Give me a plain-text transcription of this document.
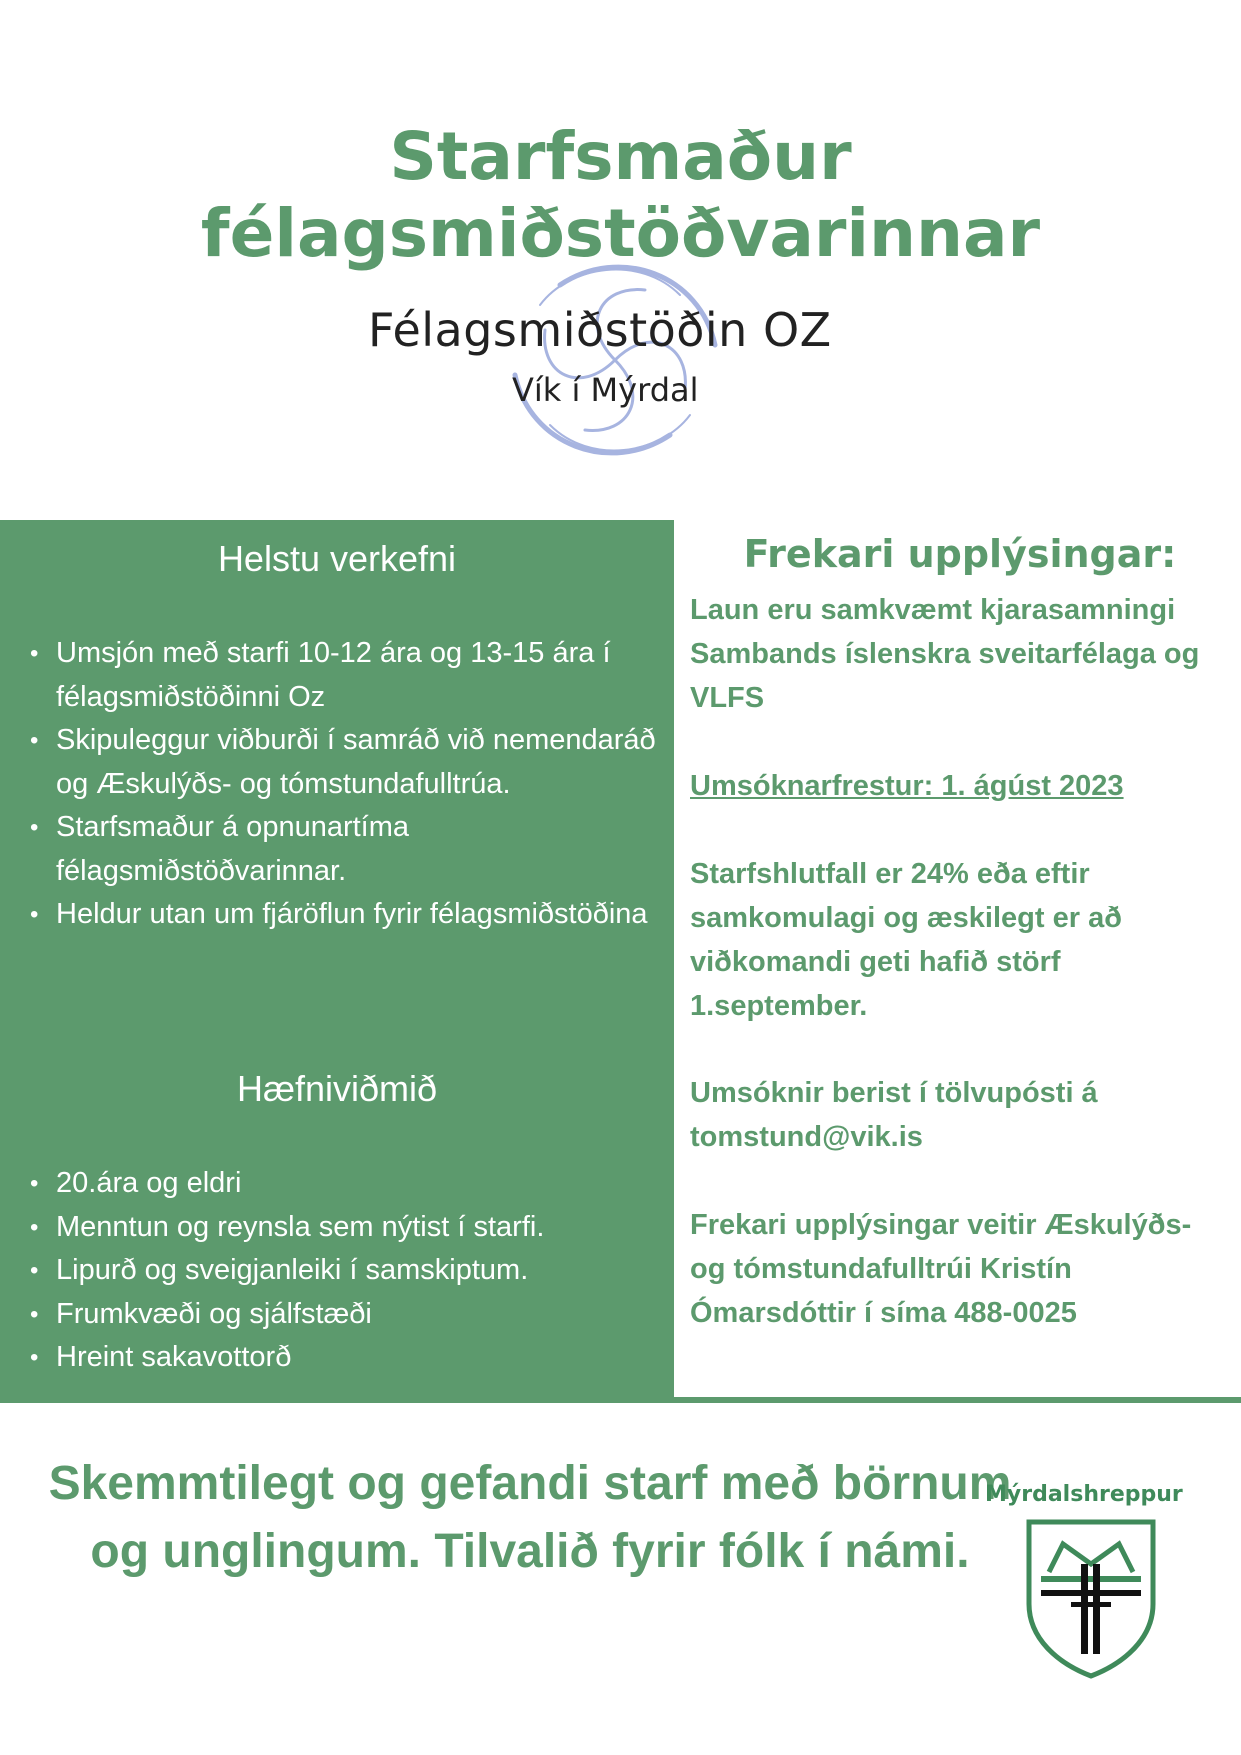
Starfsmaður félagsmiðstöðvarinnar
Félagsmiðstöðin OZ
Vík í Mýrdal
Helstu verkefni
• Umsjón með starfi 10-12 ára og 13-15 ára í félagsmiðstöðinni Oz
• Skipuleggur viðburði í samráð við nemendaráð og Æskulýðs- og tómstundafulltrúa.
• Starfsmaður á opnunartíma félagsmiðstöðvarinnar.
• Heldur utan um fjáröflun fyrir félagsmiðstöðina
Hæfniviðmið
• 20.ára og eldri
• Menntun og reynsla sem nýtist í starfi.
• Lipurð og sveigjanleiki í samskiptum.
• Frumkvæði og sjálfstæði
• Hreint sakavottorð
Frekari upplýsingar:

Laun eru samkvæmt kjarasamningi Sambands íslenskra sveitarfélaga og VLFS

Umsóknarfrestur: 1. ágúst 2023

Starfshlutfall er 24% eða eftir samkomulagi og æskilegt er að viðkomandi geti hafið störf 1.september.

Umsóknir berist í tölvupósti á tomstund@vik.is

Frekari upplýsingar veitir Æskulýðs- og tómstundafulltrúi Kristín Ómarsdóttir í síma 488-0025

Skemmtilegt og gefandi starf með börnum og unglingum. Tilvalið fyrir fólk í námi.

Mýrdalshreppur
